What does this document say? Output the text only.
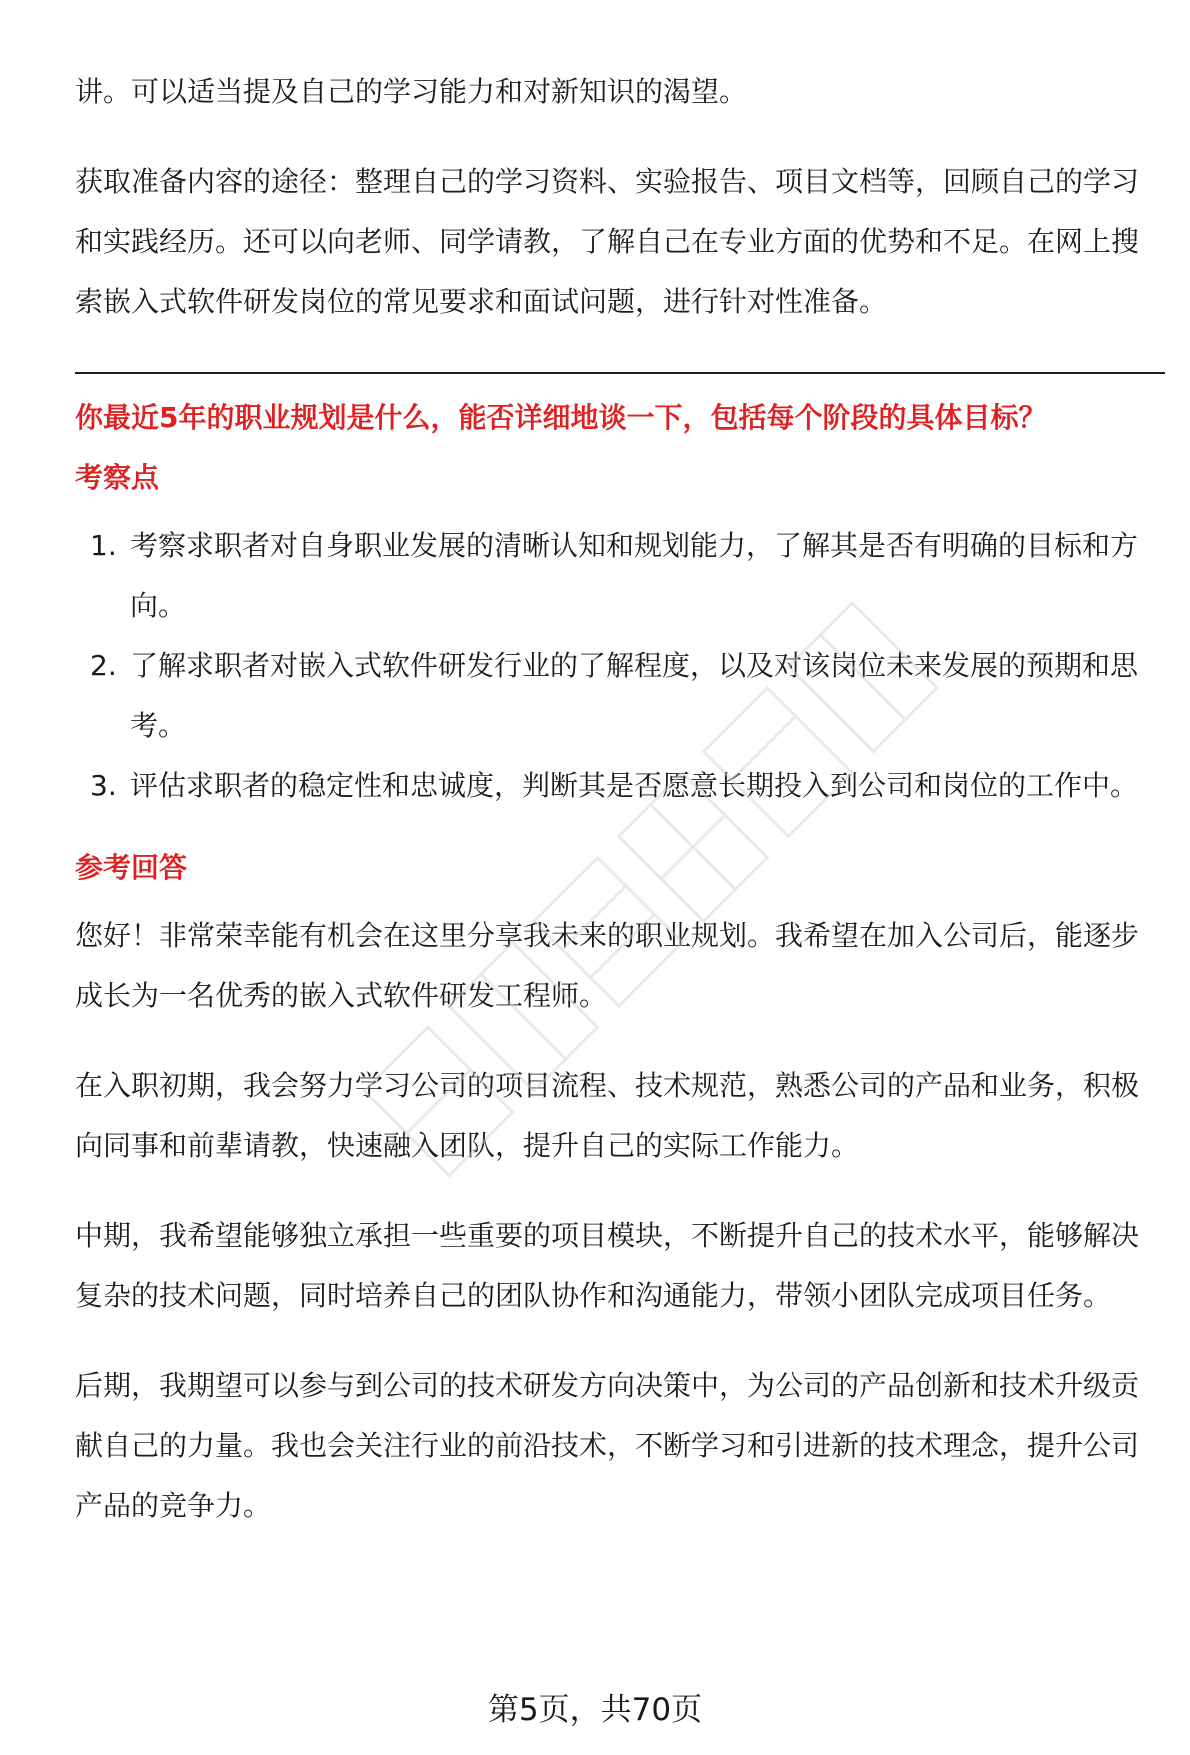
讲。可以适当提及自己的学习能力和对新知识的渴望。

获取准备内容的途径：整理自己的学习资料、实验报告、项目文档等，回顾自己的学习和实践经历。还可以向老师、同学请教，了解自己在专业方面的优势和不足。在网上搜索嵌入式软件研发岗位的常见要求和面试问题，进行针对性准备。

你最近5年的职业规划是什么，能否详细地谈一下，包括每个阶段的具体目标？

考察点

1. 考察求职者对自身职业发展的清晰认知和规划能力，了解其是否有明确的目标和方向。
2. 了解求职者对嵌入式软件研发行业的了解程度，以及对该岗位未来发展的预期和思考。
3. 评估求职者的稳定性和忠诚度，判断其是否愿意长期投入到公司和岗位的工作中。

参考回答

您好！非常荣幸能有机会在这里分享我未来的职业规划。我希望在加入公司后，能逐步成长为一名优秀的嵌入式软件研发工程师。

在入职初期，我会努力学习公司的项目流程、技术规范，熟悉公司的产品和业务，积极向同事和前辈请教，快速融入团队，提升自己的实际工作能力。

中期，我希望能够独立承担一些重要的项目模块，不断提升自己的技术水平，能够解决复杂的技术问题，同时培养自己的团队协作和沟通能力，带领小团队完成项目任务。

后期，我期望可以参与到公司的技术研发方向决策中，为公司的产品创新和技术升级贡献自己的力量。我也会关注行业的前沿技术，不断学习和引进新的技术理念，提升公司产品的竞争力。

第5页，共70页
